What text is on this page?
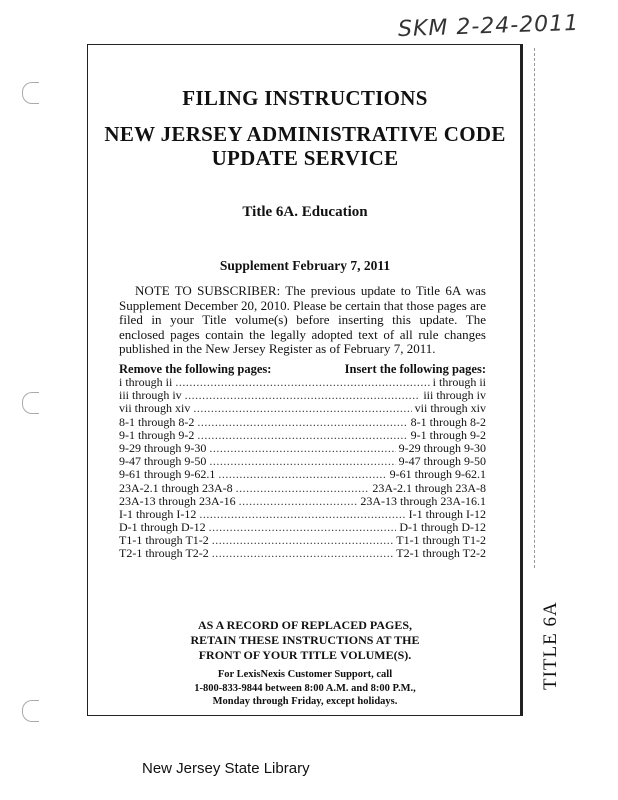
SKM 2-24-2011
TITLE 6A
FILING INSTRUCTIONS
NEW JERSEY ADMINISTRATIVE CODE
UPDATE SERVICE
Title 6A. Education
Supplement February 7, 2011
NOTE TO SUBSCRIBER: The previous update to Title 6A was Supplement December 20, 2010. Please be certain that those pages are filed in your Title volume(s) before inserting this update. The enclosed pages contain the legally adopted text of all rule changes published in the New Jersey Register as of February 7, 2011.
Remove the following pages:	Insert the following pages:
i through ii .....	i through ii
iii through iv .....	iii through iv
vii through xiv .....	vii through xiv
8-1 through 8-2 .....	8-1 through 8-2
9-1 through 9-2 .....	9-1 through 9-2
9-29 through 9-30 .....	9-29 through 9-30
9-47 through 9-50 .....	9-47 through 9-50
9-61 through 9-62.1 .....	9-61 through 9-62.1
23A-2.1 through 23A-8 .....	23A-2.1 through 23A-8
23A-13 through 23A-16 .....	23A-13 through 23A-16.1
I-1 through I-12 .....	I-1 through I-12
D-1 through D-12 .....	D-1 through D-12
T1-1 through T1-2 .....	T1-1 through T1-2
T2-1 through T2-2 .....	T2-1 through T2-2
AS A RECORD OF REPLACED PAGES,
RETAIN THESE INSTRUCTIONS AT THE
FRONT OF YOUR TITLE VOLUME(S).
For LexisNexis Customer Support, call
1-800-833-9844 between 8:00 A.M. and 8:00 P.M.,
Monday through Friday, except holidays.
New Jersey State Library
